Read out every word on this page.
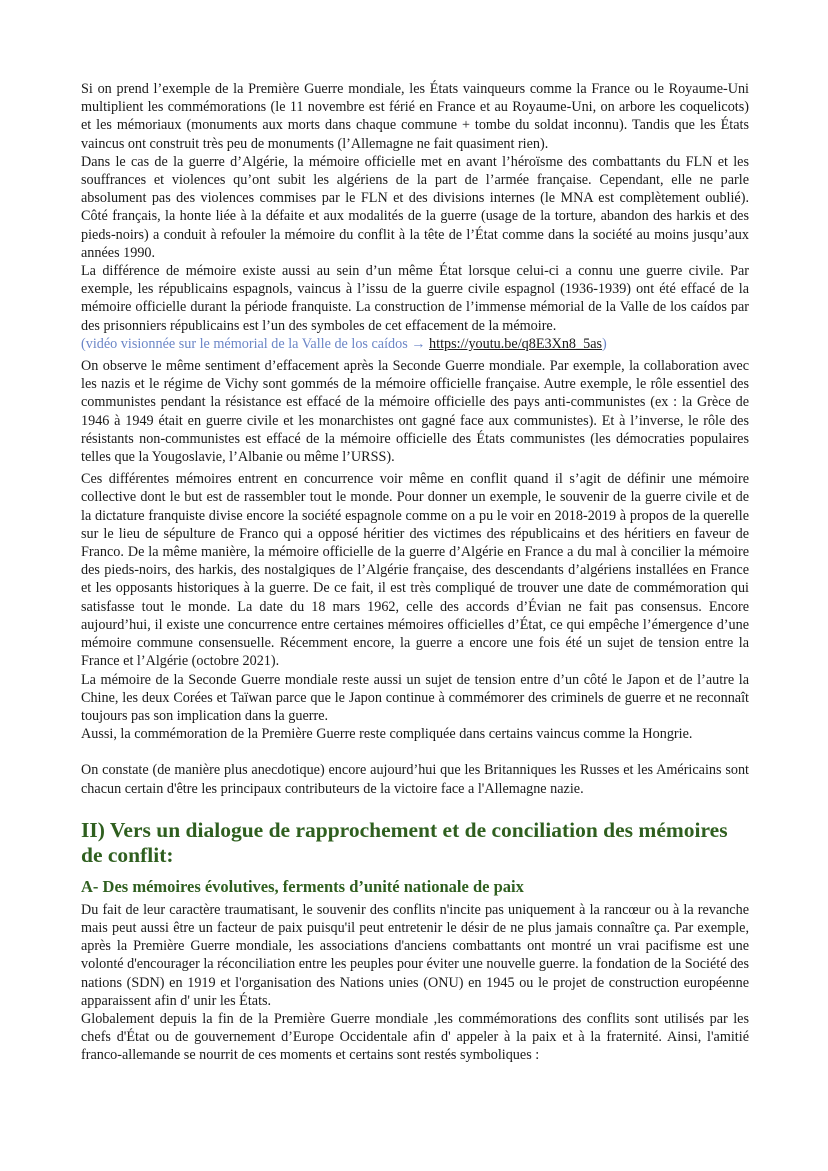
Si on prend l’exemple de la Première Guerre mondiale, les États vainqueurs comme la France ou le Royaume-Uni multiplient les commémorations (le 11 novembre est férié en France et au Royaume-Uni, on arbore les coquelicots) et les mémoriaux (monuments aux morts dans chaque commune + tombe du soldat inconnu). Tandis que les États vaincus ont construit très peu de monuments (l’Allemagne ne fait quasiment rien).

Dans le cas de la guerre d’Algérie, la mémoire officielle met en avant l’héroïsme des combattants du FLN et les souffrances et violences qu’ont subit les algériens de la part de l’armée française. Cependant, elle ne parle absolument pas des violences commises par le FLN et des divisions internes (le MNA est complètement oublié). Côté français, la honte liée à la défaite et aux modalités de la guerre (usage de la torture, abandon des harkis et des pieds-noirs) a conduit à refouler la mémoire du conflit à la tête de l’État comme dans la société au moins jusqu’aux années 1990.

La différence de mémoire existe aussi au sein d’un même État lorsque celui-ci a connu une guerre civile. Par exemple, les républicains espagnols, vaincus à l’issu de la guerre civile espagnol (1936-1939) ont été effacé de la mémoire officielle durant la période franquiste. La construction de l’immense mémorial de la Valle de los caídos par des prisonniers républicains est l’un des symboles de cet effacement de la mémoire.

(vidéo visionnée sur le mémorial de la Valle de los caídos → https://youtu.be/q8E3Xn8_5as)

On observe le même sentiment d’effacement après la Seconde Guerre mondiale. Par exemple, la collaboration avec les nazis et le régime de Vichy sont gommés de la mémoire officielle française. Autre exemple, le rôle essentiel des communistes pendant la résistance est effacé de la mémoire officielle des pays anti-communistes (ex : la Grèce de 1946 à 1949 était en guerre civile et les monarchistes ont gagné face aux communistes). Et à l’inverse, le rôle des résistants non-communistes est effacé de la mémoire officielle des États communistes (les démocraties populaires telles que la Yougoslavie, l’Albanie ou même l’URSS).

Ces différentes mémoires entrent en concurrence voir même en conflit quand il s’agit de définir une mémoire collective dont le but est de rassembler tout le monde. Pour donner un exemple, le souvenir de la guerre civile et de la dictature franquiste divise encore la société espagnole comme on a pu le voir en 2018-2019 à propos de la querelle sur le lieu de sépulture de Franco qui a opposé héritier des victimes des républicains et des héritiers en faveur de Franco. De la même manière, la mémoire officielle de la guerre d’Algérie en France a du mal à concilier la mémoire des pieds-noirs, des harkis, des nostalgiques de l’Algérie française, des descendants d’algériens installées en France et les opposants historiques à la guerre. De ce fait, il est très compliqué de trouver une date de commémoration qui satisfasse tout le monde. La date du 18 mars 1962, celle des accords d’Évian ne fait pas consensus. Encore aujourd’hui, il existe une concurrence entre certaines mémoires officielles d’État, ce qui empêche l’émergence d’une mémoire commune consensuelle. Récemment encore, la guerre a encore une fois été un sujet de tension entre la France et l’Algérie (octobre 2021).

La mémoire de la Seconde Guerre mondiale reste aussi un sujet de tension entre d’un côté le Japon et de l’autre la Chine, les deux Corées et Taïwan parce que le Japon continue à commémorer des criminels de guerre et ne reconnaît toujours pas son implication dans la guerre.

Aussi, la commémoration de la Première Guerre reste compliquée dans certains vaincus comme la Hongrie.

On constate (de manière plus anecdotique) encore aujourd’hui que les Britanniques les Russes et les Américains sont chacun certain d'être les principaux contributeurs de la victoire face a l'Allemagne nazie.

II) Vers un dialogue de rapprochement et de conciliation des mémoires de conflit:
A- Des mémoires évolutives, ferments d’unité nationale de paix

Du fait de leur caractère traumatisant, le souvenir des conflits n'incite pas uniquement à la rancœur ou à la revanche mais peut aussi être un facteur de paix puisqu'il peut entretenir le désir de ne plus jamais connaître ça. Par exemple, après la Première Guerre mondiale, les associations d'anciens combattants ont montré un vrai pacifisme est une volonté d'encourager la réconciliation entre les peuples pour éviter une nouvelle guerre. la fondation de la Société des nations (SDN) en 1919 et l'organisation des Nations unies (ONU) en 1945 ou le projet de construction européenne apparaissent afin d' unir les États.

Globalement depuis la fin de la Première Guerre mondiale ,les commémorations des conflits sont utilisés par les chefs d'État ou de gouvernement d’Europe Occidentale afin d' appeler à la paix et à la fraternité. Ainsi, l'amitié franco-allemande se nourrit de ces moments et certains sont restés symboliques :
